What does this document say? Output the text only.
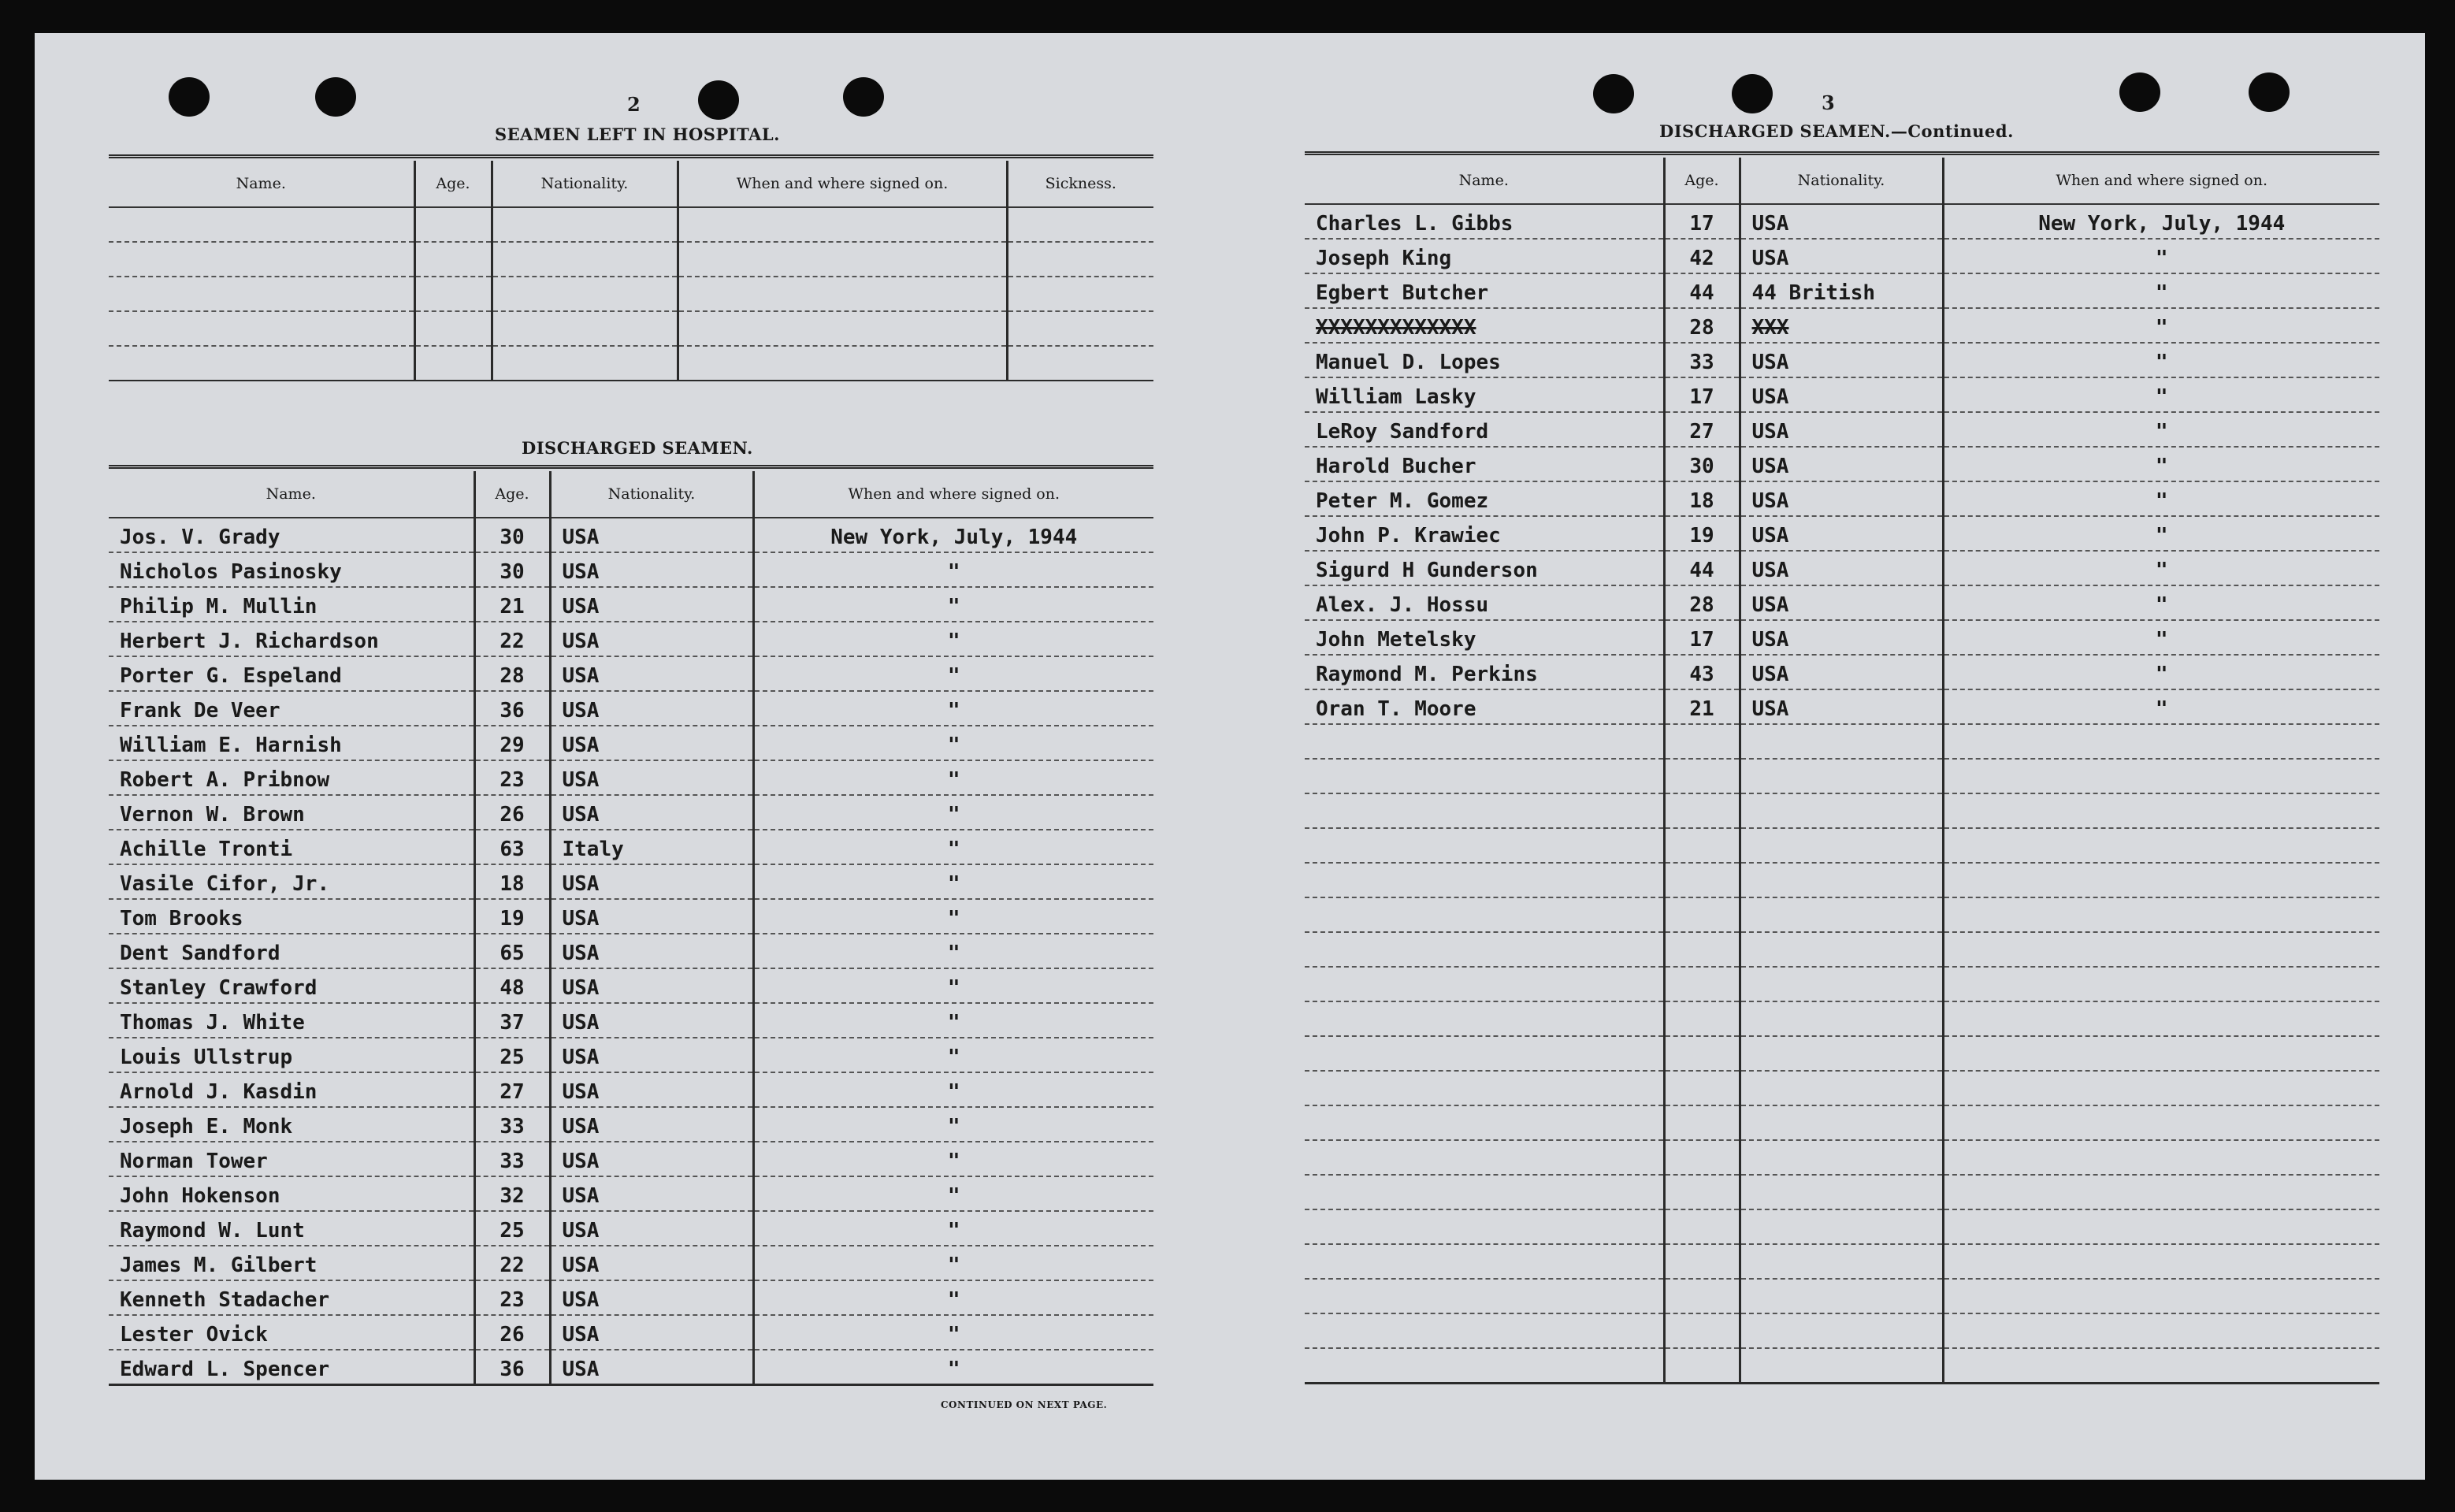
2
SEAMEN LEFT IN HOSPITAL.
Name.	Age.	Nationality.	When and where signed on.	Sickness.

DISCHARGED SEAMEN.
Name.	Age.	Nationality.	When and where signed on.
Jos. V. Grady	30	USA	New York, July, 1944
Nicholos Pasinosky	30	USA	"
Philip M. Mullin	21	USA	"
Herbert J. Richardson	22	USA	"
Porter G. Espeland	28	USA	"
Frank De Veer	36	USA	"
William E. Harnish	29	USA	"
Robert A. Pribnow	23	USA	"
Vernon W. Brown	26	USA	"
Achille Tronti	63	Italy	"
Vasile Cifor, Jr.	18	USA	"
Tom Brooks	19	USA	"
Dent Sandford	65	USA	"
Stanley Crawford	48	USA	"
Thomas J. White	37	USA	"
Louis Ullstrup	25	USA	"
Arnold J. Kasdin	27	USA	"
Joseph E. Monk	33	USA	"
Norman Tower	33	USA	"
John Hokenson	32	USA	"
Raymond W. Lunt	25	USA	"
James M. Gilbert	22	USA	"
Kenneth Stadacher	23	USA	"
Lester Ovick	26	USA	"
Edward L. Spencer	36	USA	"
CONTINUED ON NEXT PAGE.
3
DISCHARGED SEAMEN.—Continued.
Name.	Age.	Nationality.	When and where signed on.
Charles L. Gibbs	17	USA	New York, July, 1944
Joseph King	42	USA	"
Egbert Butcher	44	44 British	"
XXXXXXXXXXXXX	28	XXX	"
Manuel D. Lopes	33	USA	"
William Lasky	17	USA	"
LeRoy Sandford	27	USA	"
Harold Bucher	30	USA	"
Peter M. Gomez	18	USA	"
John P. Krawiec	19	USA	"
Sigurd H Gunderson	44	USA	"
Alex. J. Hossu	28	USA	"
John Metelsky	17	USA	"
Raymond M. Perkins	43	USA	"
Oran T. Moore	21	USA	"
